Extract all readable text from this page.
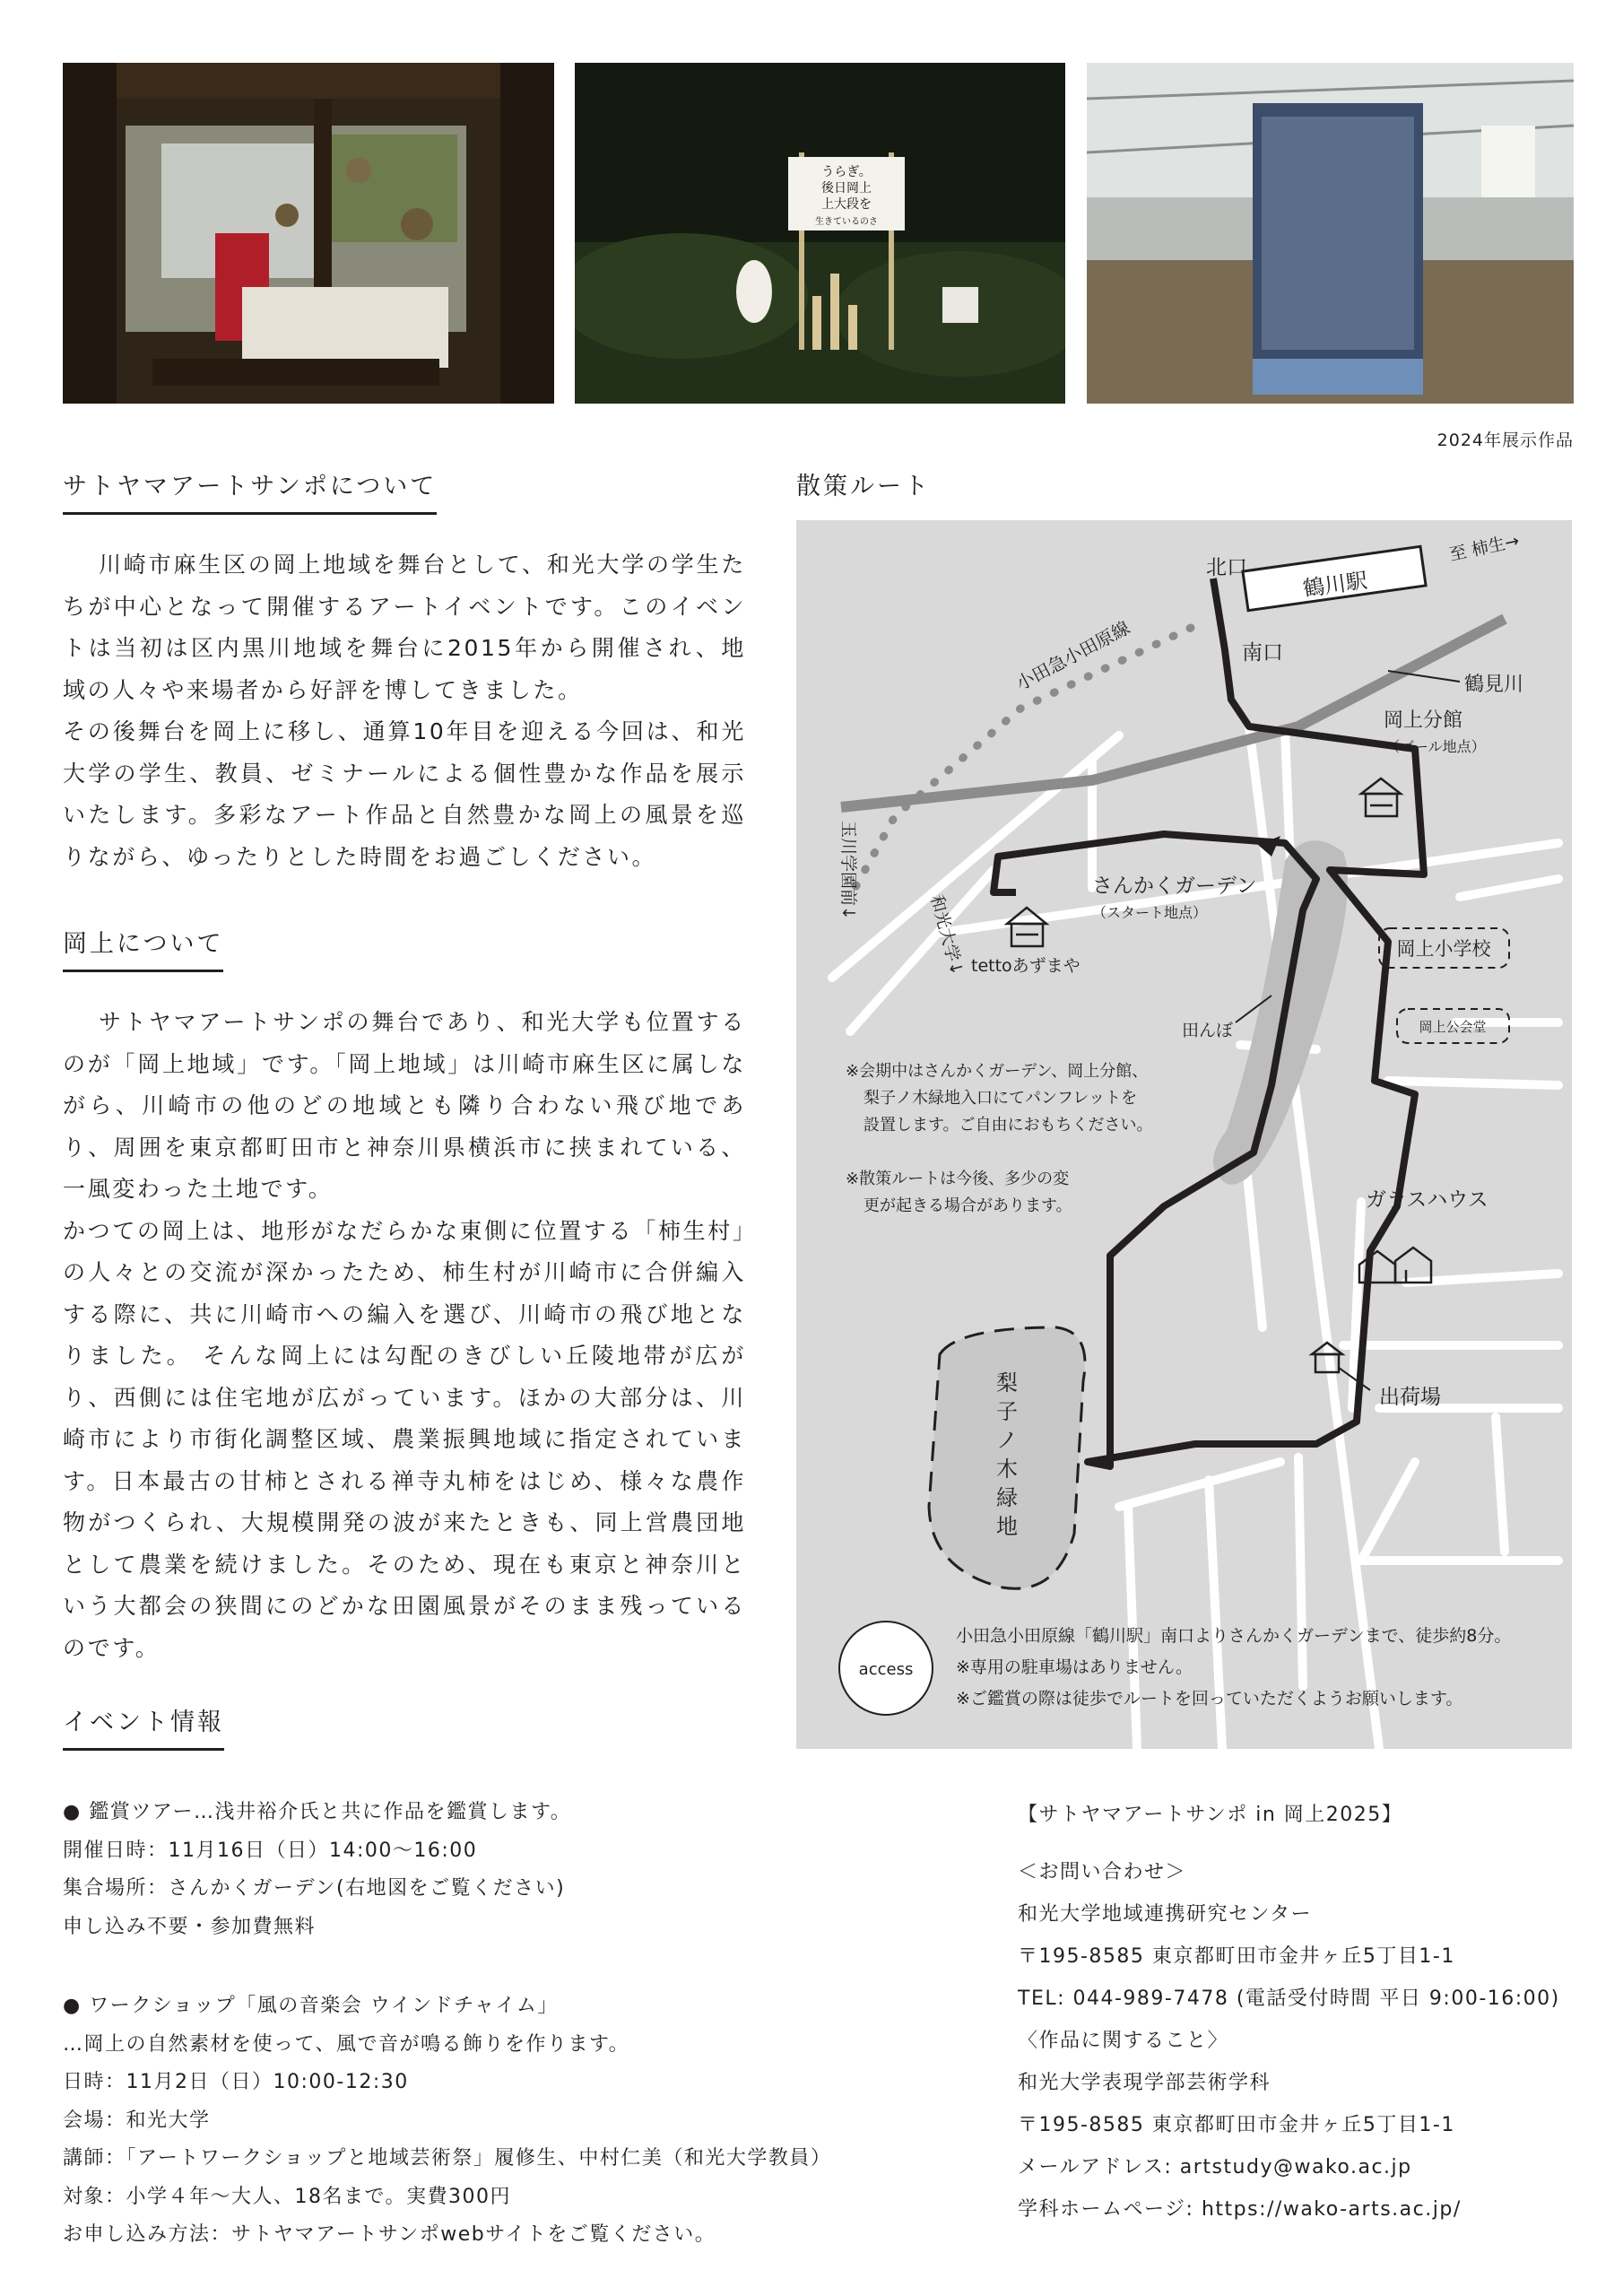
うらぎ。
後日岡上
上大段を
生きているのさ
2024年展示作品
サトヤマアートサンポについて

川崎市麻生区の岡上地域を舞台として、和光大学の学生たちが中心となって開催するアートイベントです。このイベントは当初は区内黒川地域を舞台に2015年から開催され、地域の人々や来場者から好評を博してきました。

その後舞台を岡上に移し、通算10年目を迎える今回は、和光大学の学生、教員、ゼミナールによる個性豊かな作品を展示いたします。多彩なアート作品と自然豊かな岡上の風景を巡りながら、ゆったりとした時間をお過ごしください。

岡上について

サトヤマアートサンポの舞台であり、和光大学も位置するのが「岡上地域」です。「岡上地域」は川崎市麻生区に属しながら、川崎市の他のどの地域とも隣り合わない飛び地であり、周囲を東京都町田市と神奈川県横浜市に挟まれている、一風変わった土地です。

かつての岡上は、地形がなだらかな東側に位置する「柿生村」の人々との交流が深かったため、柿生村が川崎市に合併編入する際に、共に川崎市への編入を選び、川崎市の飛び地となりました。 そんな岡上には勾配のきびしい丘陵地帯が広がり、西側には住宅地が広がっています。ほかの大部分は、川崎市により市街化調整区域、農業振興地域に指定されています。日本最古の甘柿とされる禅寺丸柿をはじめ、様々な農作物がつくられ、大規模開発の波が来たときも、同上営農団地として農業を続けました。そのため、現在も東京と神奈川という大都会の狭間にのどかな田園風景がそのまま残っているのです。

イベント情報
散策ルート
鶴川駅
北口
南口
至 柿生→
小田急小田原線	鶴見川
岡上分館
（ゴール地点）
玉川学園前↓
和光大学↓
さんかくガーデン
（スタート地点）
tettoあずまや
岡上小学校
岡上公会堂
田んぼ
※会期中はさんかくガーデン、岡上分館、
梨子ノ木緑地入口にてパンフレットを
設置します。ご自由におもちください。
※散策ルートは今後、多少の変
更が起きる場合があります。	ガラスハウス
出荷場
梨子ノ木緑地
access
小田急小田原線「鶴川駅」南口よりさんかくガーデンまで、徒歩約8分。
※専用の駐車場はありません。
※ご鑑賞の際は徒歩でルートを回っていただくようお願いします。
● 鑑賞ツアー…浅井裕介氏と共に作品を鑑賞します。
開催日時：11月16日（日）14:00〜16:00
集合場所：さんかくガーデン(右地図をご覧ください)
申し込み不要・参加費無料
● ワークショップ「風の音楽会 ウインドチャイム」
…岡上の自然素材を使って、風で音が鳴る飾りを作ります。
日時：11月2日（日）10:00-12:30
会場：和光大学
講師：「アートワークショップと地域芸術祭」履修生、中村仁美（和光大学教員）
対象：小学４年〜大人、18名まで。実費300円
お申し込み方法：サトヤマアートサンポwebサイトをご覧ください。
【サトヤマアートサンポ in 岡上2025】
＜お問い合わせ＞
和光大学地域連携研究センター
〒195-8585 東京都町田市金井ヶ丘5丁目1-1
TEL: 044-989-7478 (電話受付時間 平日 9:00-16:00)
〈作品に関すること〉
和光大学表現学部芸術学科
〒195-8585 東京都町田市金井ヶ丘5丁目1-1
メールアドレス: artstudy@wako.ac.jp
学科ホームページ: https://wako-arts.ac.jp/
